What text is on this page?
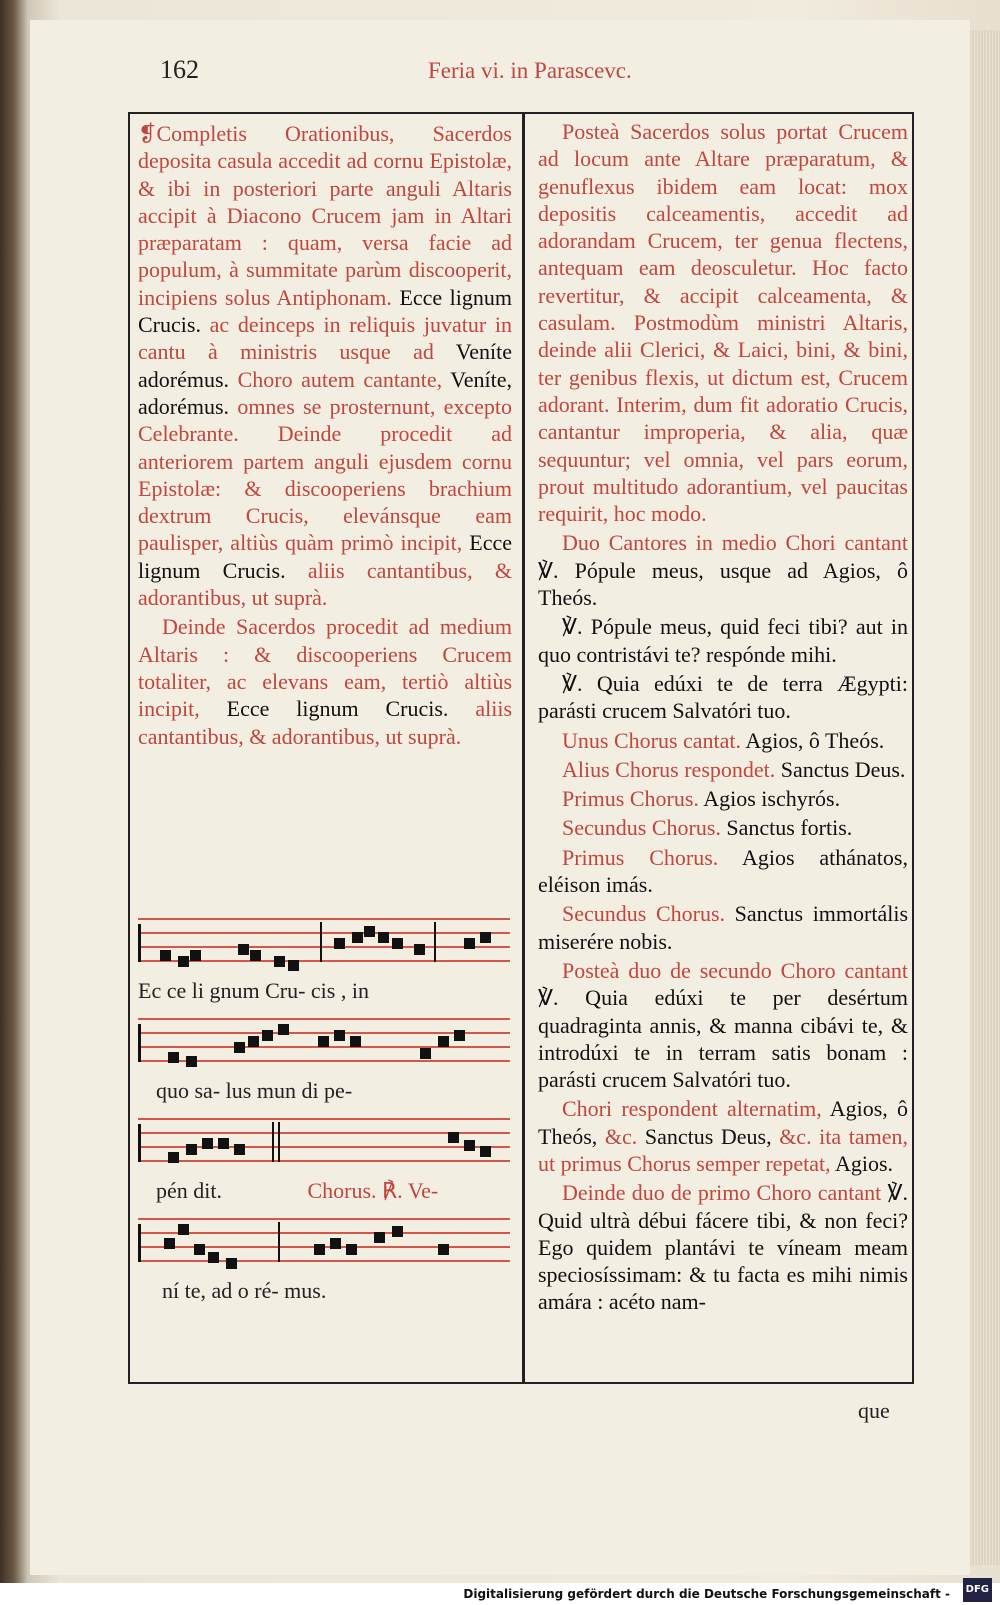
162	Feria vi. in Parascevc.

❡Completis Orationibus, Sacerdos deposita casula accedit ad cornu Epistolæ, & ibi in posteriori parte anguli Altaris accipit à Diacono Crucem jam in Altari præparatam : quam, versa facie ad populum, à summitate parùm discooperit, incipiens solus Antiphonam. Ecce lignum Crucis. ac deinceps in reliquis juvatur in cantu à ministris usque ad Veníte adorémus. Choro autem cantante, Veníte, adorémus. omnes se prosternunt, excepto Celebrante. Deinde procedit ad anteriorem partem anguli ejusdem cornu Epistolæ: & discooperiens brachium dextrum Crucis, elevánsque eam paulisper, altiùs quàm primò incipit, Ecce lignum Crucis. aliis cantantibus, & adorantibus, ut suprà.

Deinde Sacerdos procedit ad medium Altaris : & discooperiens Crucem totaliter, ac elevans eam, tertiò altiùs incipit, Ecce lignum Crucis. aliis cantantibus, & adorantibus, ut suprà.

Ec ce li gnum Cru- cis , in
quo sa- lus mun di pe-
pén dit.	Chorus. ℟. Ve-
ní te, ad o ré- mus.

Posteà Sacerdos solus portat Crucem ad locum ante Altare præparatum, & genuflexus ibidem eam locat: mox depositis calceamentis, accedit ad adorandam Crucem, ter genua flectens, antequam eam deosculetur. Hoc facto revertitur, & accipit calceamenta, & casulam. Postmodùm ministri Altaris, deinde alii Clerici, & Laici, bini, & bini, ter genibus flexis, ut dictum est, Crucem adorant. Interim, dum fit adoratio Crucis, cantantur improperia, & alia, quæ sequuntur; vel omnia, vel pars eorum, prout multitudo adorantium, vel paucitas requirit, hoc modo.

Duo Cantores in medio Chori cantant ℣. Pópule meus, usque ad Agios, ô Theós.

℣. Pópule meus, quid feci tibi? aut in quo contristávi te? respónde mihi.

℣. Quia edúxi te de terra Ægypti: parásti crucem Salvatóri tuo.

Unus Chorus cantat. Agios, ô Theós.

Alius Chorus respondet. Sanctus Deus.

Primus Chorus. Agios ischyrós.

Secundus Chorus. Sanctus fortis.

Primus Chorus. Agios athánatos, eléison imás.

Secundus Chorus. Sanctus immortális miserére nobis.

Posteà duo de secundo Choro cantant ℣. Quia edúxi te per desértum quadraginta annis, & manna cibávi te, & introdúxi te in terram satis bonam : parásti crucem Salvatóri tuo.

Chori respondent alternatim, Agios, ô Theós, &c. Sanctus Deus, &c. ita tamen, ut primus Chorus semper repetat, Agios.

Deinde duo de primo Choro cantant ℣. Quid ultrà débui fácere tibi, & non feci? Ego quidem plantávi te víneam meam speciosíssimam: & tu facta es mihi nimis amára : acéto nam-

que
Digitalisierung gefördert durch die Deutsche Forschungsgemeinschaft -	DFG
